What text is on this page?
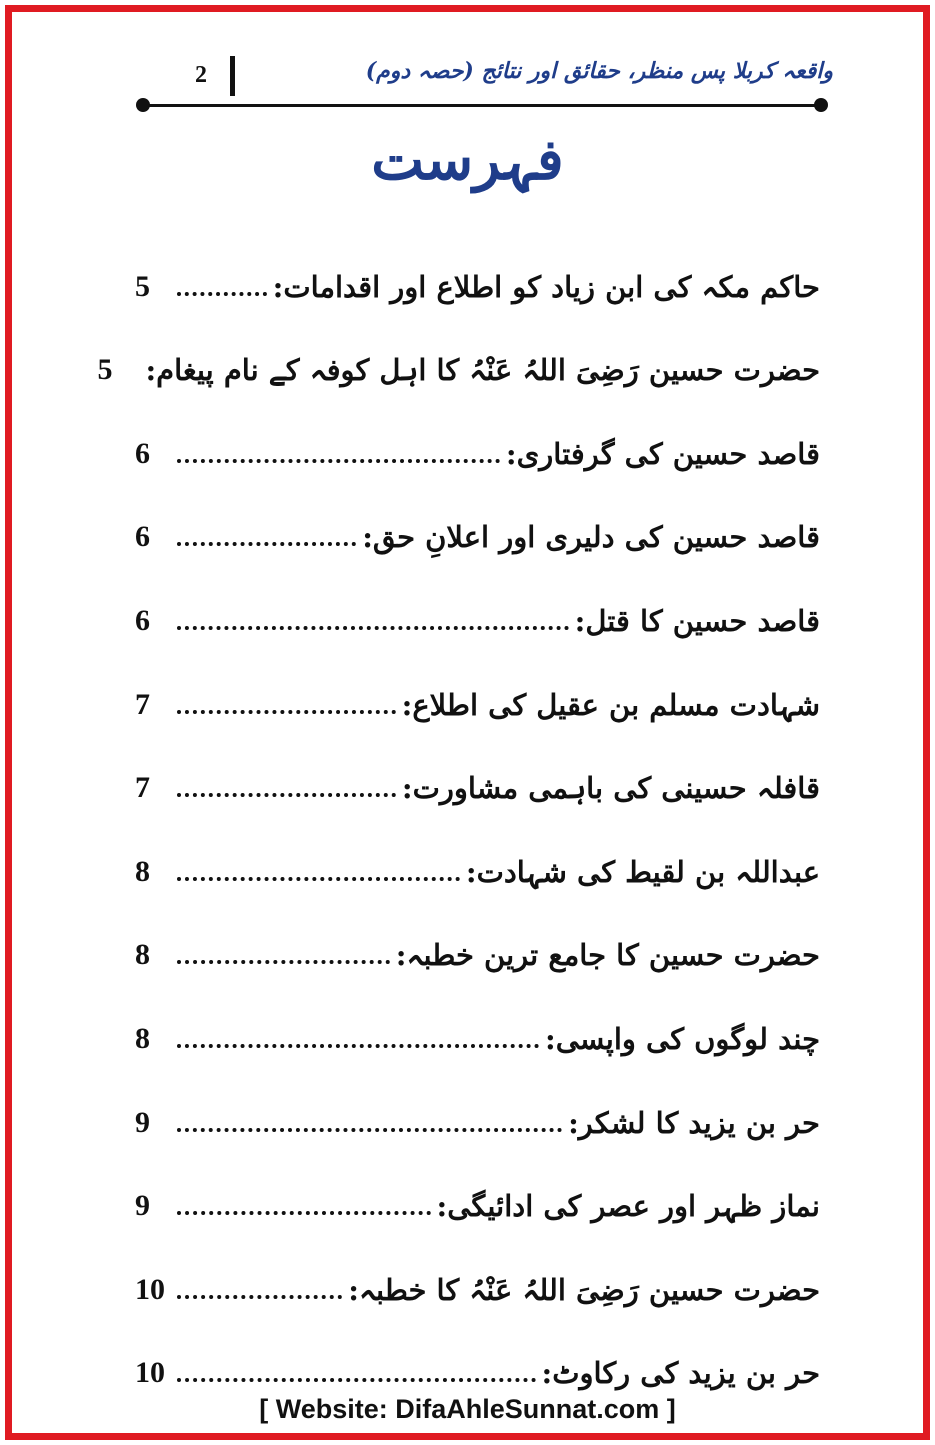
2	واقعہ کربلا پس منظر، حقائق اور نتائج (حصہ دوم)
فہرست
حاکم مکہ کی ابن زیاد کو اطلاع اور اقدامات:
5
حضرت حسین رَضِیَ اللہُ عَنْہُ کا اہل کوفہ کے نام پیغام:
5
قاصد حسین کی گرفتاری:
6
قاصد حسین کی دلیری اور اعلانِ حق:
6
قاصد حسین کا قتل:
6
شہادت مسلم بن عقیل کی اطلاع:
7
قافلہ حسینی کی باہمی مشاورت:
7
عبداللہ بن لقیط کی شہادت:
8
حضرت حسین کا جامع ترین خطبہ:
8
چند لوگوں کی واپسی:
8
حر بن یزید کا لشکر:
9
نماز ظہر اور عصر کی ادائیگی:
9
حضرت حسین رَضِیَ اللہُ عَنْہُ کا خطبہ:
10
حر بن یزید کی رکاوٹ:
10
[ Website: DifaAhleSunnat.com ]
